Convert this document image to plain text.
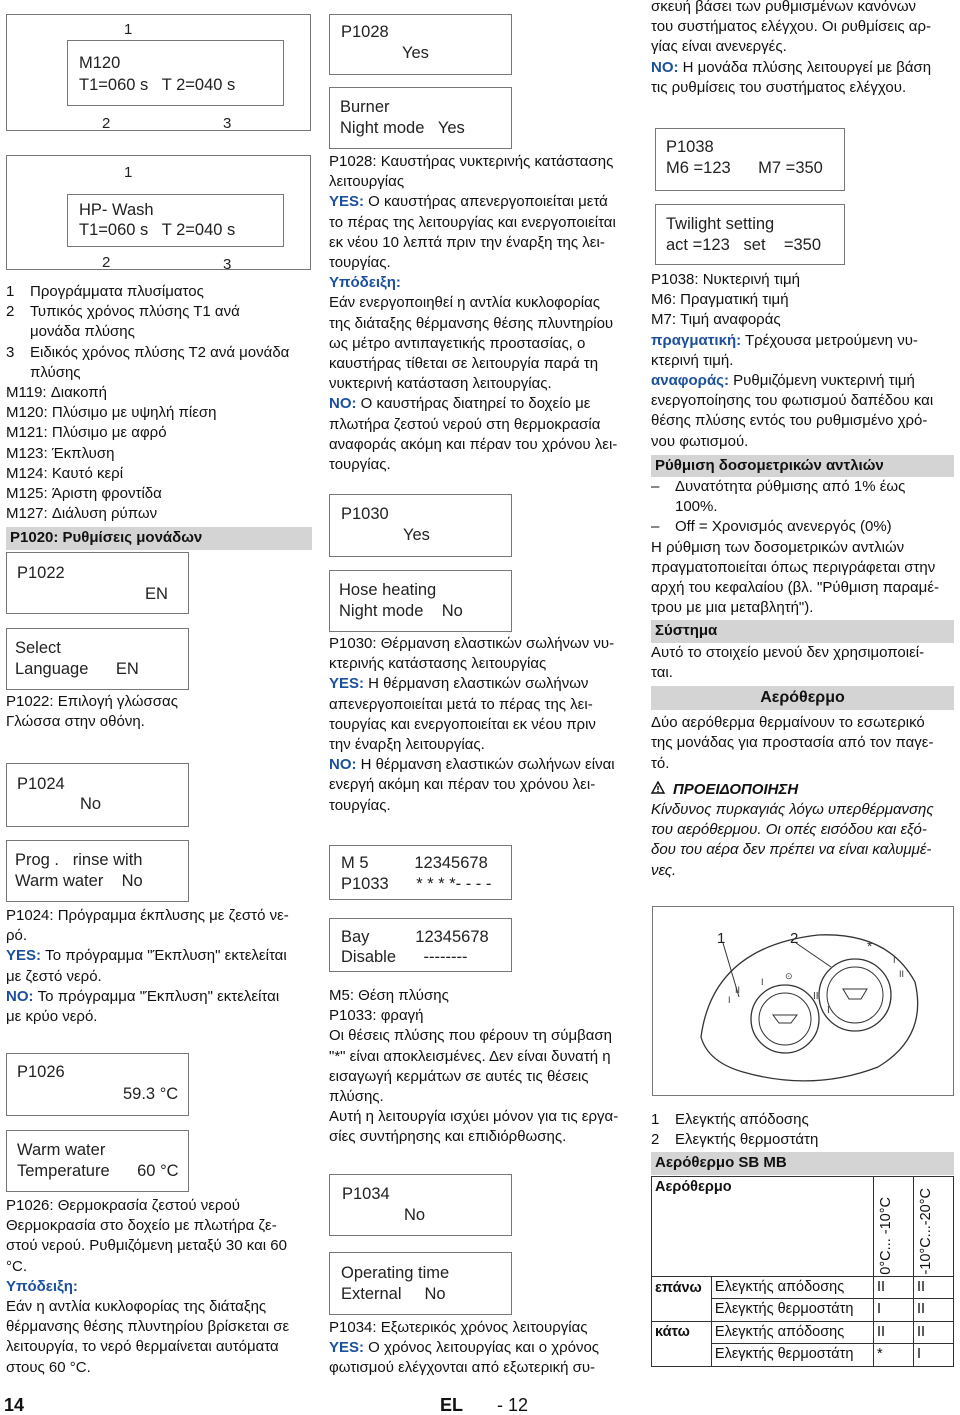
1
M120
T1=060 s   T 2=040 s
2	3
1
HP- Wash
T1=060 s   T 2=040 s
2	3
1	Προγράμματα πλυσίματος
2	Τυπικός χρόνος πλύσης Τ1 ανά μονάδα πλύσης
3	Ειδικός χρόνος πλύσης Τ2 ανά μονάδα πλύσης
M119: Διακοπή
M120: Πλύσιμο με υψηλή πίεση
M121: Πλύσιμο με αφρό
M123: Έκπλυση
M124: Καυτό κερί
M125: Άριστη φροντίδα
M127: Διάλυση ρύπων
P1020: Ρυθμίσεις μονάδων
P1022
EN
Select
Language      EN
P1022: Επιλογή γλώσσας
Γλώσσα στην οθόνη.
P1024
No
Prog .   rinse with
Warm water    No
P1024: Πρόγραμμα έκπλυσης με ζεστό νε-
ρό.
YES: Το πρόγραμμα "Έκπλυση" εκτελείται
με ζεστό νερό.
NO: Το πρόγραμμα "Έκπλυση" εκτελείται
με κρύο νερό.
P1026
59.3 °C
Warm water
Temperature      60 °C
P1026: Θερμοκρασία ζεστού νερού
Θερμοκρασία στο δοχείο με πλωτήρα ζε-
στού νερού. Ρυθμιζόμενη μεταξύ 30 και 60
°C.
Υπόδειξη:
Εάν η αντλία κυκλοφορίας της διάταξης
θέρμανσης θέσης πλυντηρίου βρίσκεται σε
λειτουργία, το νερό θερμαίνεται αυτόματα
στους 60 °C.
P1028
Yes
Burner
Night mode   Yes
P1028: Καυστήρας νυκτερινής κατάστασης
λειτουργίας
YES: Ο καυστήρας απενεργοποιείται μετά
το πέρας της λειτουργίας και ενεργοποιείται
εκ νέου 10 λεπτά πριν την έναρξη της λει-
τουργίας.
Υπόδειξη:
Εάν ενεργοποιηθεί η αντλία κυκλοφορίας
της διάταξης θέρμανσης θέσης πλυντηρίου
ως μέτρο αντιπαγετικής προστασίας, ο
καυστήρας τίθεται σε λειτουργία παρά τη
νυκτερινή κατάσταση λειτουργίας.
NO: Ο καυστήρας διατηρεί το δοχείο με
πλωτήρα ζεστού νερού στη θερμοκρασία
αναφοράς ακόμη και πέραν του χρόνου λει-
τουργίας.
P1030
Yes
Hose heating
Night mode    No
P1030: Θέρμανση ελαστικών σωλήνων νυ-
κτερινής κατάστασης λειτουργίας
YES: Η θέρμανση ελαστικών σωλήνων
απενεργοποιείται μετά το πέρας της λει-
τουργίας και ενεργοποιείται εκ νέου πριν
την έναρξη λειτουργίας.
NO: Η θέρμανση ελαστικών σωλήνων είναι
ενεργή ακόμη και πέραν του χρόνου λει-
τουργίας.
M 5          12345678
P1033      * * * *- - - -
Bay          12345678
Disable      --------
M5: Θέση πλύσης
P1033: φραγή
Οι θέσεις πλύσης που φέρουν τη σύμβαση
"*" είναι αποκλεισμένες. Δεν είναι δυνατή η
εισαγωγή κερμάτων σε αυτές τις θέσεις
πλύσης.
Αυτή η λειτουργία ισχύει μόνον για τις εργα-
σίες συντήρησης και επιδιόρθωσης.
P1034
No
Operating time
External     No
P1034: Εξωτερικός χρόνος λειτουργίας
YES: Ο χρόνος λειτουργίας και ο χρόνος
φωτισμού ελέγχονται από εξωτερική συ-
σκευή βάσει των ρυθμισμένων κανόνων
του συστήματος ελέγχου. Οι ρυθμίσεις αρ-
γίας είναι ανενεργές.
NO: Η μονάδα πλύσης λειτουργεί με βάση
τις ρυθμίσεις του συστήματος ελέγχου.
P1038
M6 =123      M7 =350
Twilight setting
act =123   set    =350
P1038: Νυκτερινή τιμή
M6: Πραγματική τιμή
M7: Τιμή αναφοράς
πραγματική: Τρέχουσα μετρούμενη νυ-
κτερινή τιμή.
αναφοράς: Ρυθμιζόμενη νυκτερινή τιμή
ενεργοποίησης του φωτισμού δαπέδου και
θέσης πλύσης εντός του ρυθμισμένο χρό-
νου φωτισμού.
Ρύθμιση δοσομετρικών αντλιών
–	Δυνατότητα ρύθμισης από 1% έως
100%.
–	Off = Χρονισμός ανενεργός (0%)
Η ρύθμιση των δοσομετρικών αντλιών
πραγματοποιείται όπως περιγράφεται στην
αρχή του κεφαλαίου (βλ. "Ρύθμιση παραμέ-
τρου με μια μεταβλητή").
Σύστημα
Αυτό το στοιχείο μενού δεν χρησιμοποιεί-
ται.
Αερόθερμο
Δύο αερόθερμα θερμαίνουν το εσωτερικό
της μονάδας για προστασία από τον παγε-
τό.
ΠΡΟΕΙΔΟΠΟΙΗΣΗ
Κίνδυνος πυρκαγιάς λόγω υπερθέρμανσης
του αερόθερμου. Οι οπές εισόδου και εξό-
δου του αέρα δεν πρέπει να είναι καλυμμέ-
νες.
I
II
I
⊙
II
I
*
I
II
1	2
1	Ελεγκτής απόδοσης
2	Ελεγκτής θερμοστάτη
Αερόθερμο SB MB
Αερόθερμο		0°C... -10°C	-10°C...-20°C

επάνω	Ελεγκτής απόδοσης	II	II
	Ελεγκτής θερμοστάτη	I	II
κάτω	Ελεγκτής απόδοσης	II	II
	Ελεγκτής θερμοστάτη	*	I
14	EL - 12
